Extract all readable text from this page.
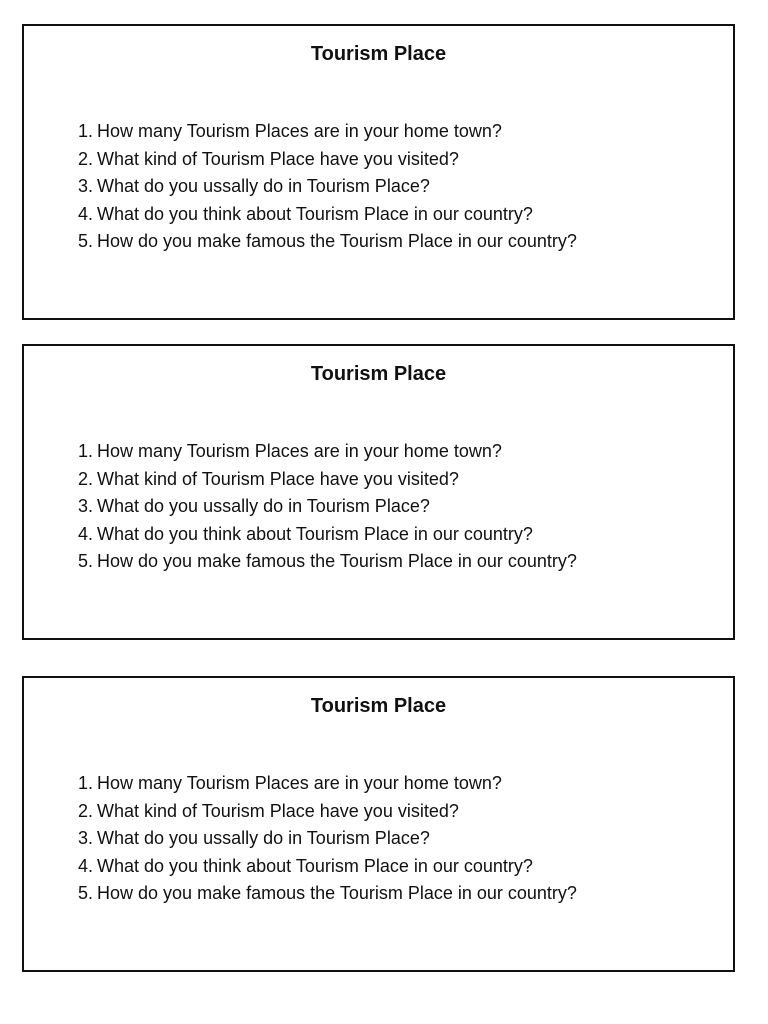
Tourism Place
1. How many Tourism Places are in your home town?
2. What kind of Tourism Place have you visited?
3. What do you ussally do in Tourism Place?
4. What do you think about Tourism Place in our country?
5. How do you make famous the Tourism Place in our country?
Tourism Place
1. How many Tourism Places are in your home town?
2. What kind of Tourism Place have you visited?
3. What do you ussally do in Tourism Place?
4. What do you think about Tourism Place in our country?
5. How do you make famous the Tourism Place in our country?
Tourism Place
1. How many Tourism Places are in your home town?
2. What kind of Tourism Place have you visited?
3. What do you ussally do in Tourism Place?
4. What do you think about Tourism Place in our country?
5. How do you make famous the Tourism Place in our country?
